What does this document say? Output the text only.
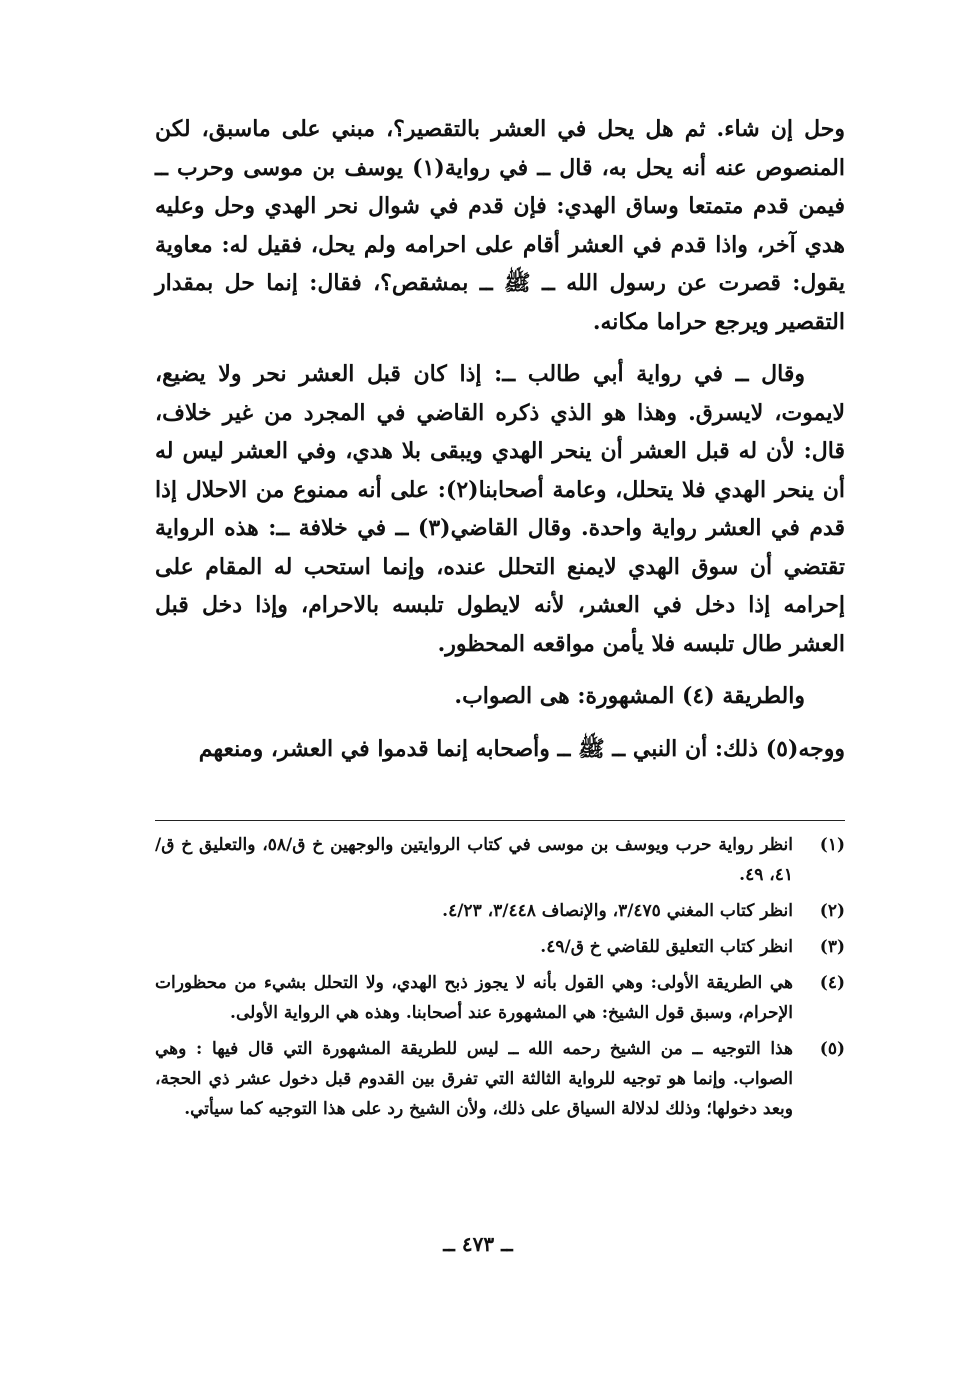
وحل إن شاء. ثم هل يحل في العشر بالتقصير؟، مبني على ماسبق، لكن المنصوص عنه أنه يحل به، قال ــ في رواية(١) يوسف بن موسى وحرب ــ فيمن قدم متمتعا وساق الهدي: فإن قدم في شوال نحر الهدي وحل وعليه هدي آخر، واذا قدم في العشر أقام على احرامه ولم يحل، فقيل له: معاوية يقول: قصرت عن رسول الله ــ ﷺ ــ بمشقص؟، فقال: إنما حل بمقدار التقصير ويرجع حراما مكانه.

وقال ــ في رواية أبي طالب ــ: إذا كان قبل العشر نحر ولا يضيع، لايموت، لايسرق. وهذا هو الذي ذكره القاضي في المجرد من غير خلاف، قال: لأن له قبل العشر أن ينحر الهدي ويبقى بلا هدي، وفي العشر ليس له أن ينحر الهدي فلا يتحلل، وعامة أصحابنا(٢): على أنه ممنوع من الاحلال إذا قدم في العشر رواية واحدة. وقال القاضي(٣) ــ في خلافة ــ: هذه الرواية تقتضي أن سوق الهدي لايمنع التحلل عنده، وإنما استحب له المقام على إحرامه إذا دخل في العشر، لأنه لايطول تلبسه بالاحرام، وإذا دخل قبل العشر طال تلبسه فلا يأمن مواقعه المحظور.

والطريقة (٤) المشهورة: هى الصواب.

ووجه(٥) ذلك: أن النبي ــ ﷺ ــ وأصحابه إنما قدموا في العشر، ومنعهم

(١)
انظر رواية حرب ويوسف بن موسى في كتاب الروايتين والوجهين خ ق/٥٨، والتعليق خ ق/٤١، ٤٩.
(٢)
انظر كتاب المغني ٣/٤٧٥، والإنصاف ٣/٤٤٨، ٤/٢٣.
(٣)
انظر كتاب التعليق للقاضي خ ق/٤٩.
(٤)
هي الطريقة الأولى: وهي القول بأنه لا يجوز ذبح الهدي، ولا التحلل بشيء من محظورات الإحرام، وسبق قول الشيخ: هي المشهورة عند أصحابنا. وهذه هي الرواية الأولى.
(٥)
هذا التوجيه ــ من الشيخ رحمه الله ــ ليس للطريقة المشهورة التي قال فيها : وهي الصواب. وإنما هو توجيه للرواية الثالثة التي تفرق بين القدوم قبل دخول عشر ذي الحجة، وبعد دخولها؛ وذلك لدلالة السياق على ذلك، ولأن الشيخ رد على هذا التوجيه كما سيأتي.
ــ ٤٧٣ ــ
